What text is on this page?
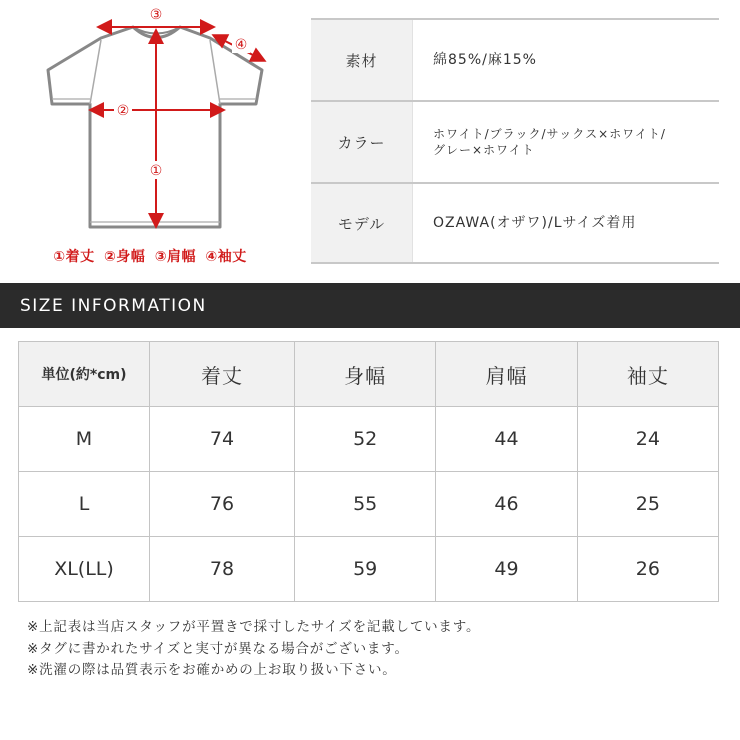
③
④
②
①
①着丈 ②身幅 ③肩幅 ④袖丈
素材	綿85%/麻15%
カラー	ホワイト/ブラック/サックス×ホワイト/
グレー×ホワイト
モデル	OZAWA(オザワ)/Lサイズ着用
SIZE INFORMATION
単位(約*cm)	着丈	身幅	肩幅	袖丈
M	74	52	44	24
L	76	55	46	25
XL(LL)	78	59	49	26
※上記表は当店スタッフが平置きで採寸したサイズを記載しています。
※タグに書かれたサイズと実寸が異なる場合がございます。
※洗濯の際は品質表示をお確かめの上お取り扱い下さい。
